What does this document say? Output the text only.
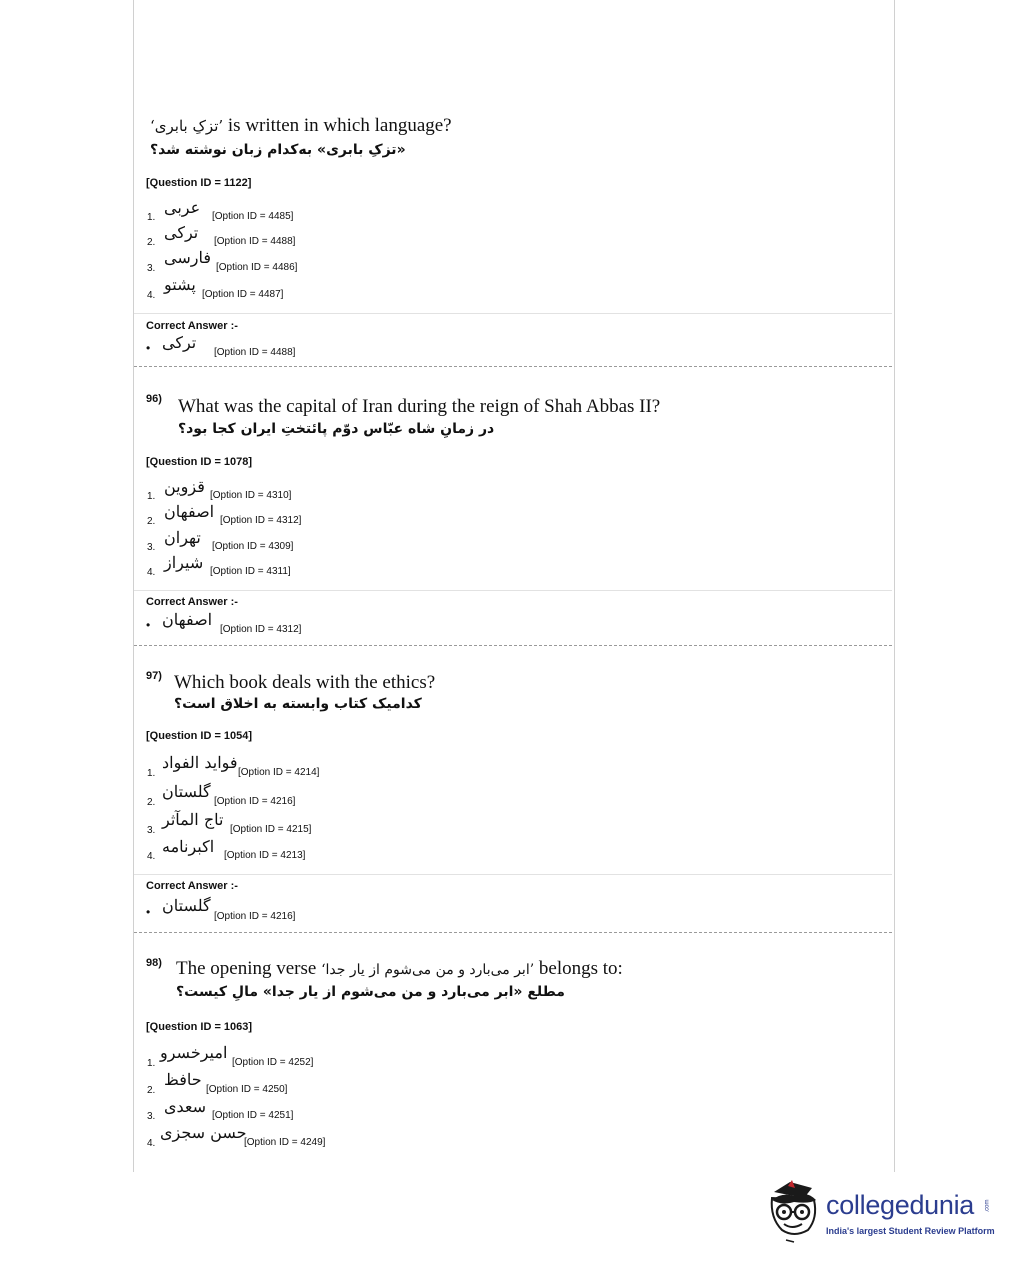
‘تزکِ بابری’ is written in which language?
«تزکِ بابری» به‌کدام زبان نوشته شد؟
[Question ID = 1122]
1.
عربی [Option ID = 4485]
2.
ترکی [Option ID = 4488]
3.
فارسی
[Option ID = 4486]
4.
پشتو
[Option ID = 4487]
Correct Answer :-
• ترکی
[Option ID = 4488]
96) What was the capital of Iran during the reign of Shah Abbas II?
در زمانِ شاه عبّاس دوّم پائتختِ ایران کجا بود؟
[Question ID = 1078]
1.
قزوین [Option ID = 4310]
2.
اصفهان [Option ID = 4312]
3.
تهران [Option ID = 4309]
4.
شیراز [Option ID = 4311]
Correct Answer :-
• اصفهان
[Option ID = 4312]
97) Which book deals with the ethics?
کدامیک کتاب وابسته به اخلاق است؟
[Question ID = 1054]
1.
فواید الفواد
[Option ID = 4214]
2.
گلستان
[Option ID = 4216]
3.
تاج المآثر
[Option ID = 4215]
4.
اکبرنامه [Option ID = 4213]
Correct Answer :-
• گلستان
[Option ID = 4216]
98) The opening verse ‘ابر می‌بارد و من می‌شوم از یار جدا’ belongs to:
مطلع «ابر می‌بارد و من می‌شوم از یار جدا» مالِ کیست؟
[Question ID = 1063]
1.
امیرخسرو
[Option ID = 4252]
2.
حافظ
[Option ID = 4250]
3.
سعدی [Option ID = 4251]
4.
حسن سجزی
[Option ID = 4249]
collegedunia .com
India's largest Student Review Platform
